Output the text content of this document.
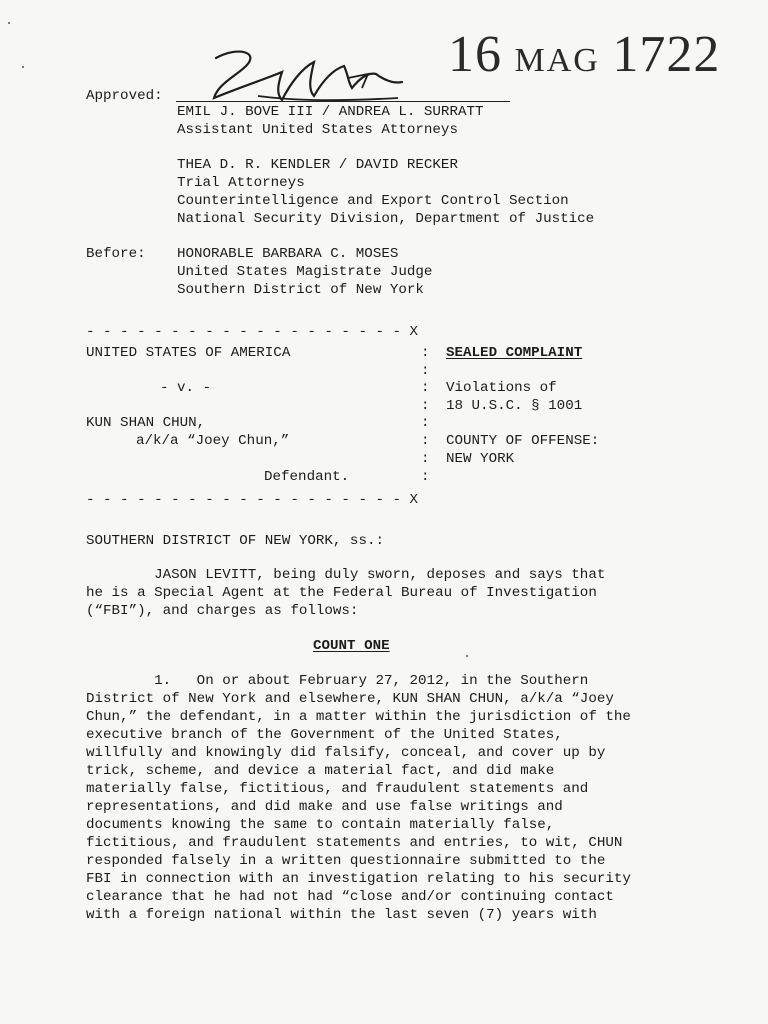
16 MAG 1722
Approved:
EMIL J. BOVE III / ANDREA L. SURRATT
Assistant United States Attorneys
THEA D. R. KENDLER / DAVID RECKER
Trial Attorneys
Counterintelligence and Export Control Section
National Security Division, Department of Justice
Before: HONORABLE BARBARA C. MOSES
United States Magistrate Judge
Southern District of New York
- - - - - - - - - - - - - - - - - - - X
UNITED STATES OF AMERICA
- v. -
KUN SHAN CHUN,
a/k/a “Joey Chun,”
Defendant.
:
:
:
:
:
:
:
:
SEALED COMPLAINT
Violations of
18 U.S.C. § 1001
COUNTY OF OFFENSE:
NEW YORK
- - - - - - - - - - - - - - - - - - - X
SOUTHERN DISTRICT OF NEW YORK, ss.:
JASON LEVITT, being duly sworn, deposes and says that
he is a Special Agent at the Federal Bureau of Investigation
(“FBI”), and charges as follows:
COUNT ONE
1.   On or about February 27, 2012, in the Southern
District of New York and elsewhere, KUN SHAN CHUN, a/k/a “Joey
Chun,” the defendant, in a matter within the jurisdiction of the
executive branch of the Government of the United States,
willfully and knowingly did falsify, conceal, and cover up by
trick, scheme, and device a material fact, and did make
materially false, fictitious, and fraudulent statements and
representations, and did make and use false writings and
documents knowing the same to contain materially false,
fictitious, and fraudulent statements and entries, to wit, CHUN
responded falsely in a written questionnaire submitted to the
FBI in connection with an investigation relating to his security
clearance that he had not had “close and/or continuing contact
with a foreign national within the last seven (7) years with
